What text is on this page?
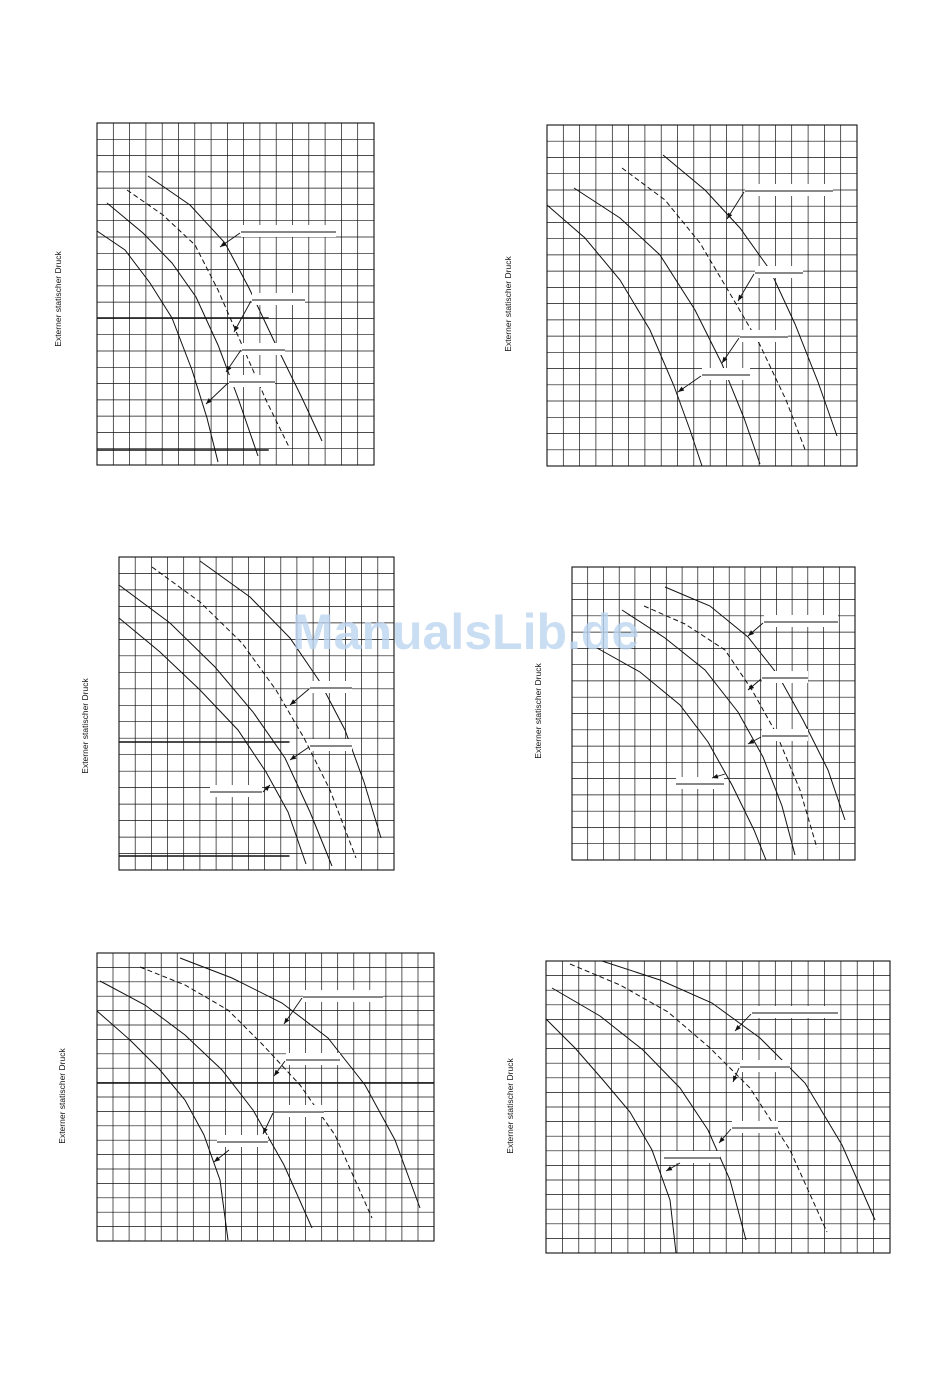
Externer statischer Druck	Externer statischer Druck
Externer statischer Druck	Externer statischer Druck
Externer statischer Druck	Externer statischer Druck
ManualsLib.de
